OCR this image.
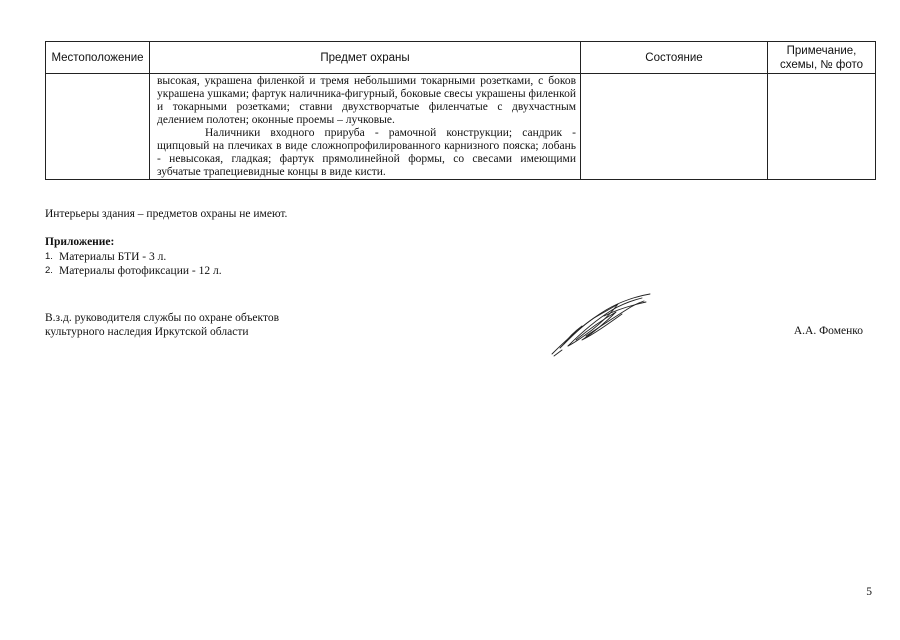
Местоположение	Предмет охраны	Состояние	Примечание,
схемы, № фото

	высокая, украшена филенкой и тремя небольшими токарными розетками, с боков украшена ушками; фартук наличника-фигурный, боковые свесы украшены филенкой и токарными розетками; ставни двухстворчатые филенчатые с двухчастным делением полотен; оконные проемы – лучковые.

Наличники входного прируба - рамочной конструкции; сандрик - щипцовый на плечиках в виде сложнопрофилированного карнизного пояска; лобань - невысокая, гладкая; фартук прямолинейной формы, со свесами имеющими зубчатые трапециевидные концы в виде кисти.		

Интерьеры здания – предметов охраны не имеют.
Приложение:
1. Материалы БТИ - 3 л.
2. Материалы фотофиксации - 12 л.
В.з.д. руководителя службы по охране объектов
культурного наследия Иркутской области	А.А. Фоменко
5
